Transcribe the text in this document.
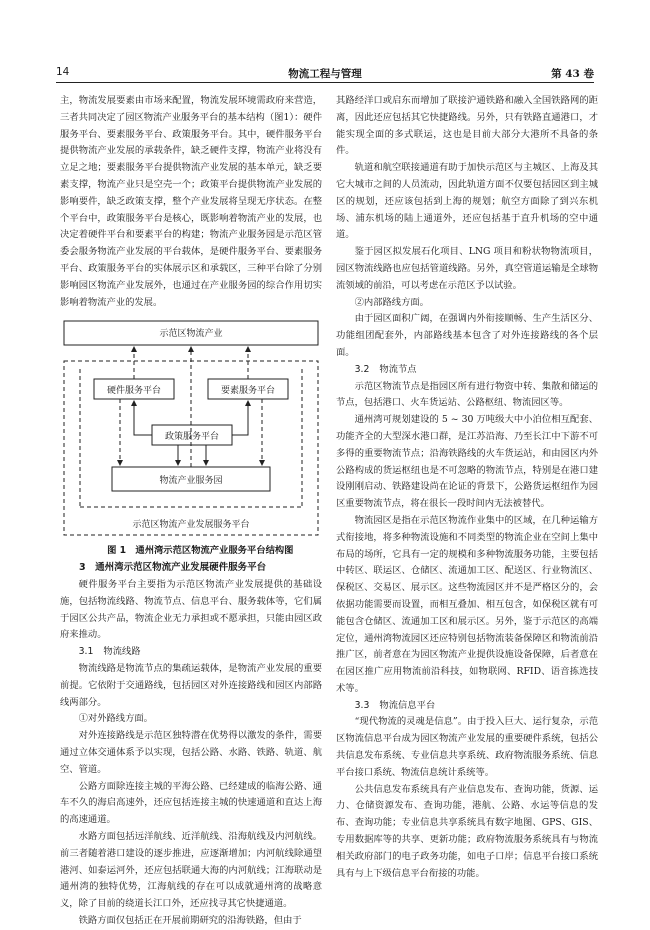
14	物流工程与管理	第 43 卷

主，物流发展要素由市场来配置，物流发展环境需政府来营造，三者共同决定了园区物流产业服务平台的基本结构（图1）：硬件服务平台、要素服务平台、政策服务平台。其中，硬件服务平台提供物流产业发展的承载条件，缺乏硬件支撑，物流产业将没有立足之地；要素服务平台提供物流产业发展的基本单元，缺乏要素支撑，物流产业只是空壳一个；政策平台提供物流产业发展的影响要件，缺乏政策支撑，整个产业发展将呈现无序状态。在整个平台中，政策服务平台是核心，既影响着物流产业的发展，也决定着硬件平台和要素平台的构建；物流产业服务园是示范区管委会服务物流产业发展的平台载体，是硬件服务平台、要素服务平台、政策服务平台的实体展示区和承载区，三种平台除了分别影响园区物流产业发展外，也通过在产业服务园的综合作用切实影响着物流产业的发展。

示范区物流产业
硬件服务平台	要素服务平台
政策服务平台
物流产业服务园
示范区物流产业发展服务平台

图 1　通州湾示范区物流产业服务平台结构图

3　通州湾示范区物流产业发展硬件服务平台

硬件服务平台主要指为示范区物流产业发展提供的基础设施，包括物流线路、物流节点、信息平台、服务载体等，它们属于园区公共产品，物流企业无力承担或不愿承担，只能由园区政府来推动。

3.1 物流线路

物流线路是物流节点的集疏运载体，是物流产业发展的重要前提。它依附于交通路线，包括园区对外连接路线和园区内部路线两部分。

①对外路线方面。

对外连接路线是示范区独特潜在优势得以激发的条件，需要通过立体交通体系予以实现，包括公路、水路、铁路、轨道、航空、管道。

公路方面除连接主城的平海公路、已经建成的临海公路、通车不久的海启高速外，还应包括连接主城的快速通道和直达上海的高速通道。

水路方面包括远洋航线、近洋航线、沿海航线及内河航线。前三者随着港口建设的逐步推进，应逐渐增加；内河航线除通望港河、如泰运河外，还应包括联通大海的内河航线；江海联动是通州湾的独特优势，江海航线的存在可以成就通州湾的战略意义，除了目前的绕道长江口外，还应找寻其它快捷通道。

铁路方面仅包括正在开展前期研究的沿海铁路，但由于

其路经洋口或启东而增加了联接沪通铁路和融入全国铁路网的距离，因此还应包括其它快捷路线。另外，只有铁路直通港口，才能实现全面的多式联运，这也是目前大部分大港所不具备的条件。

轨道和航空联接通道有助于加快示范区与主城区、上海及其它大城市之间的人员流动，因此轨道方面不仅要包括园区到主城区的规划，还应该包括到上海的规划；航空方面除了到兴东机场、浦东机场的陆上通道外，还应包括基于直升机场的空中通道。

鉴于园区拟发展石化项目、LNG 项目和粉状物物流项目，园区物流线路也应包括管道线路。另外，真空管道运输是全球物流领域的前沿，可以考虑在示范区予以试验。

②内部路线方面。

由于园区面积广阔，在强调内外衔接顺畅、生产生活区分、功能组团配套外，内部路线基本包含了对外连接路线的各个层面。

3.2 物流节点

示范区物流节点是指园区所有进行物资中转、集散和储运的节点，包括港口、火车货运站、公路枢纽、物流园区等。

通州湾可规划建设的 5 ~ 30 万吨级大中小泊位相互配套、功能齐全的大型深水港口群，是江苏沿海、乃至长江中下游不可多得的重要物流节点；沿海铁路线的火车货运站，和由园区内外公路构成的货运枢纽也是不可忽略的物流节点，特别是在港口建设刚刚启动、铁路建设尚在论证的背景下，公路货运枢纽作为园区重要物流节点，将在很长一段时间内无法被替代。

物流园区是指在示范区物流作业集中的区域，在几种运输方式衔接地，将多种物流设施和不同类型的物流企业在空间上集中布局的场所，它具有一定的规模和多种物流服务功能，主要包括中转区、联运区、仓储区、流通加工区、配送区、行业物流区、保税区、交易区、展示区。这些物流园区并不是严格区分的，会依据功能需要而设置，而相互叠加、相互包含，如保税区就有可能包含仓储区、流通加工区和展示区。另外，鉴于示范区的高端定位，通州湾物流园区还应特别包括物流装备保障区和物流前沿推广区，前者意在为园区物流产业提供设施设备保障，后者意在在园区推广应用物流前沿科技，如物联网、RFID、语音拣选技术等。

3.3 物流信息平台

“现代物流的灵魂是信息”。由于投入巨大、运行复杂，示范区物流信息平台成为园区物流产业发展的重要硬件系统，包括公共信息发布系统、专业信息共享系统、政府物流服务系统、信息平台接口系统、物流信息统计系统等。

公共信息发布系统具有产业信息发布、查询功能，货源、运力、仓储资源发布、查询功能，港航、公路、水运等信息的发布、查询功能；专业信息共享系统具有数字地图、GPS、GIS、专用数据库等的共享、更新功能；政府物流服务系统具有与物流相关政府部门的电子政务功能，如电子口岸；信息平台接口系统具有与上下级信息平台衔接的功能。
